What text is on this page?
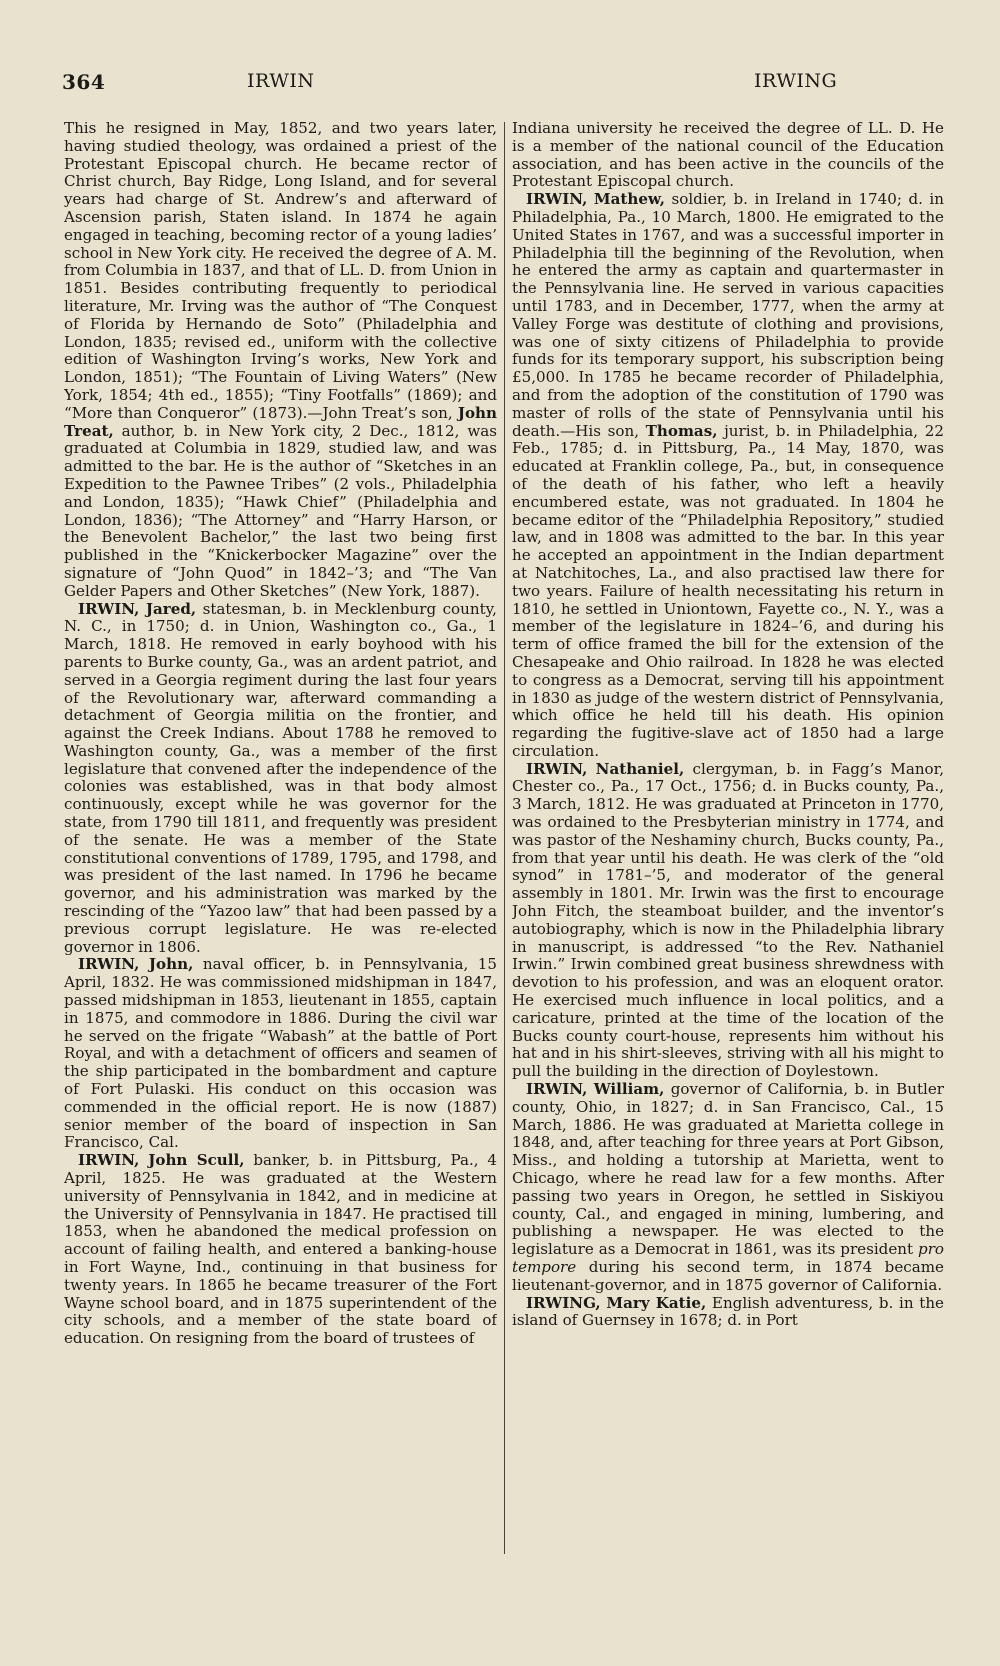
364	IRWIN	IRWING

This he resigned in May, 1852, and two years later, having studied theology, was ordained a priest of the Protestant Episcopal church. He became rector of Christ church, Bay Ridge, Long Island, and for several years had charge of St. Andrew’s and afterward of Ascension parish, Staten island. In 1874 he again engaged in teaching, becoming rector of a young ladies’ school in New York city. He received the degree of A. M. from Columbia in 1837, and that of LL. D. from Union in 1851. Besides contributing frequently to periodical literature, Mr. Irving was the author of “The Conquest of Florida by Hernando de Soto” (Philadelphia and London, 1835; revised ed., uniform with the collective edition of Washington Irving’s works, New York and London, 1851); “The Fountain of Living Waters” (New York, 1854; 4th ed., 1855); “Tiny Footfalls” (1869); and “More than Conqueror” (1873).—John Treat’s son, John Treat, author, b. in New York city, 2 Dec., 1812, was graduated at Columbia in 1829, studied law, and was admitted to the bar. He is the author of “Sketches in an Expedition to the Pawnee Tribes” (2 vols., Philadelphia and London, 1835); “Hawk Chief” (Philadelphia and London, 1836); “The Attorney” and “Harry Harson, or the Benevolent Bachelor,” the last two being first published in the “Knickerbocker Magazine” over the signature of “John Quod” in 1842–’3; and “The Van Gelder Papers and Other Sketches” (New York, 1887).

IRWIN, Jared, statesman, b. in Mecklenburg county, N. C., in 1750; d. in Union, Washington co., Ga., 1 March, 1818. He removed in early boyhood with his parents to Burke county, Ga., was an ardent patriot, and served in a Georgia regiment during the last four years of the Revolutionary war, afterward commanding a detachment of Georgia militia on the frontier, and against the Creek Indians. About 1788 he removed to Washington county, Ga., was a member of the first legislature that convened after the independence of the colonies was established, was in that body almost continuously, except while he was governor for the state, from 1790 till 1811, and frequently was president of the senate. He was a member of the State constitutional conventions of 1789, 1795, and 1798, and was president of the last named. In 1796 he became governor, and his administration was marked by the rescinding of the “Yazoo law” that had been passed by a previous corrupt legislature. He was re-elected governor in 1806.

IRWIN, John, naval officer, b. in Pennsylvania, 15 April, 1832. He was commissioned midshipman in 1847, passed midshipman in 1853, lieutenant in 1855, captain in 1875, and commodore in 1886. During the civil war he served on the frigate “Wabash” at the battle of Port Royal, and with a detachment of officers and seamen of the ship participated in the bombardment and capture of Fort Pulaski. His conduct on this occasion was commended in the official report. He is now (1887) senior member of the board of inspection in San Francisco, Cal.

IRWIN, John Scull, banker, b. in Pittsburg, Pa., 4 April, 1825. He was graduated at the Western university of Pennsylvania in 1842, and in medicine at the University of Pennsylvania in 1847. He practised till 1853, when he abandoned the medical profession on account of failing health, and entered a banking-house in Fort Wayne, Ind., continuing in that business for twenty years. In 1865 he became treasurer of the Fort Wayne school board, and in 1875 superintendent of the city schools, and a member of the state board of education. On resigning from the board of trustees of

Indiana university he received the degree of LL. D. He is a member of the national council of the Education association, and has been active in the councils of the Protestant Episcopal church.

IRWIN, Mathew, soldier, b. in Ireland in 1740; d. in Philadelphia, Pa., 10 March, 1800. He emigrated to the United States in 1767, and was a successful importer in Philadelphia till the beginning of the Revolution, when he entered the army as captain and quartermaster in the Pennsylvania line. He served in various capacities until 1783, and in December, 1777, when the army at Valley Forge was destitute of clothing and provisions, was one of sixty citizens of Philadelphia to provide funds for its temporary support, his subscription being £5,000. In 1785 he became recorder of Philadelphia, and from the adoption of the constitution of 1790 was master of rolls of the state of Pennsylvania until his death.—His son, Thomas, jurist, b. in Philadelphia, 22 Feb., 1785; d. in Pittsburg, Pa., 14 May, 1870, was educated at Franklin college, Pa., but, in consequence of the death of his father, who left a heavily encumbered estate, was not graduated. In 1804 he became editor of the “Philadelphia Repository,” studied law, and in 1808 was admitted to the bar. In this year he accepted an appointment in the Indian department at Natchitoches, La., and also practised law there for two years. Failure of health necessitating his return in 1810, he settled in Uniontown, Fayette co., N. Y., was a member of the legislature in 1824–’6, and during his term of office framed the bill for the extension of the Chesapeake and Ohio railroad. In 1828 he was elected to congress as a Democrat, serving till his appointment in 1830 as judge of the western district of Pennsylvania, which office he held till his death. His opinion regarding the fugitive-slave act of 1850 had a large circulation.

IRWIN, Nathaniel, clergyman, b. in Fagg’s Manor, Chester co., Pa., 17 Oct., 1756; d. in Bucks county, Pa., 3 March, 1812. He was graduated at Princeton in 1770, was ordained to the Presbyterian ministry in 1774, and was pastor of the Neshaminy church, Bucks county, Pa., from that year until his death. He was clerk of the “old synod” in 1781–’5, and moderator of the general assembly in 1801. Mr. Irwin was the first to encourage John Fitch, the steamboat builder, and the inventor’s autobiography, which is now in the Philadelphia library in manuscript, is addressed “to the Rev. Nathaniel Irwin.” Irwin combined great business shrewdness with devotion to his profession, and was an eloquent orator. He exercised much influence in local politics, and a caricature, printed at the time of the location of the Bucks county court-house, represents him without his hat and in his shirt-sleeves, striving with all his might to pull the building in the direction of Doylestown.

IRWIN, William, governor of California, b. in Butler county, Ohio, in 1827; d. in San Francisco, Cal., 15 March, 1886. He was graduated at Marietta college in 1848, and, after teaching for three years at Port Gibson, Miss., and holding a tutorship at Marietta, went to Chicago, where he read law for a few months. After passing two years in Oregon, he settled in Siskiyou county, Cal., and engaged in mining, lumbering, and publishing a newspaper. He was elected to the legislature as a Democrat in 1861, was its president pro tempore during his second term, in 1874 became lieutenant-governor, and in 1875 governor of California.

IRWING, Mary Katie, English adventuress, b. in the island of Guernsey in 1678; d. in Port
